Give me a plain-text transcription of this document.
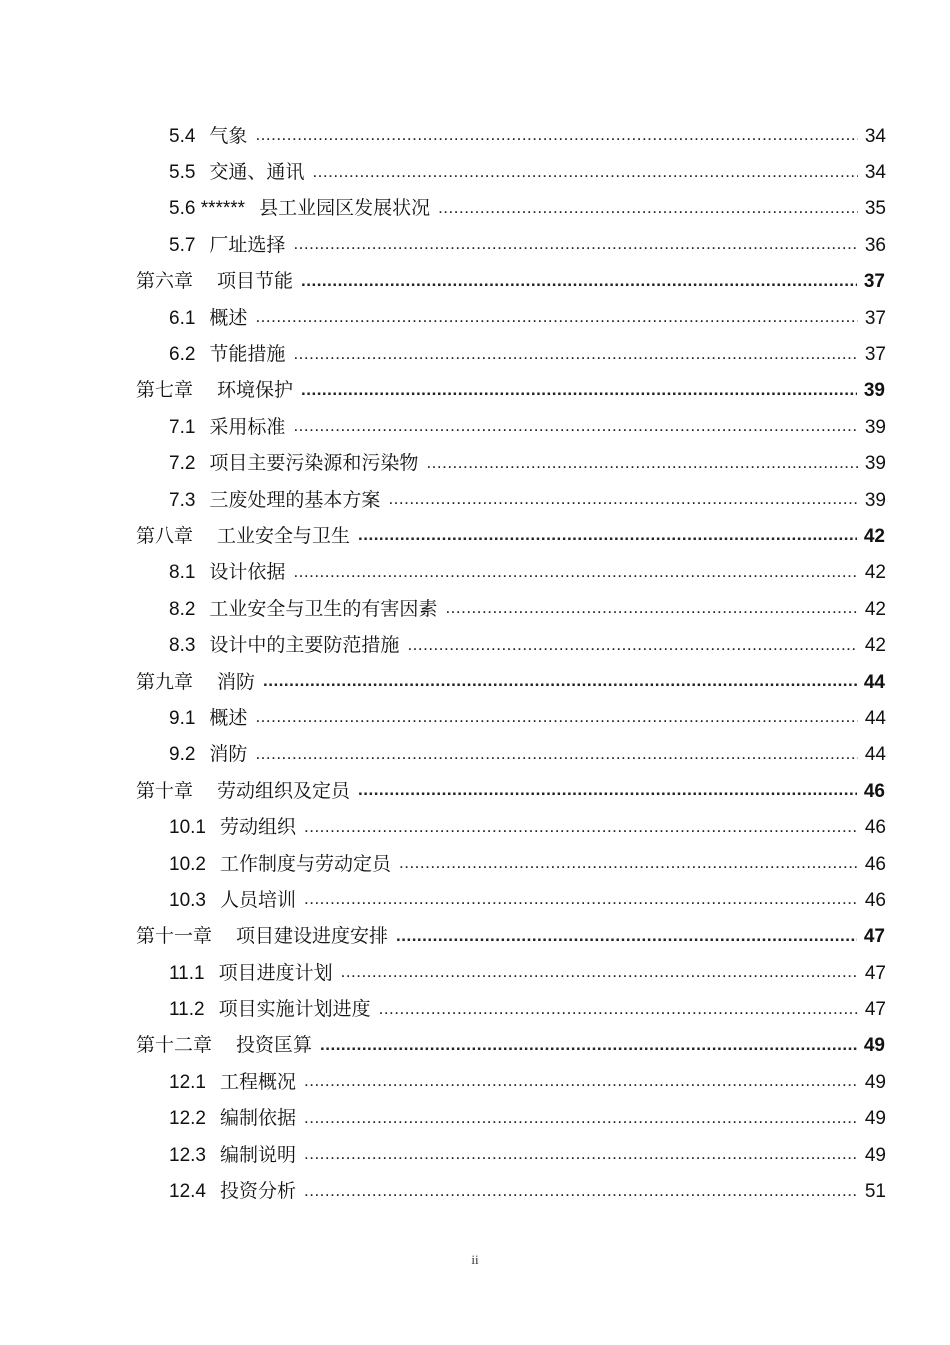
5.4 气象 .....	34
5.5 交通、通讯 .....	34
5.6 ****** 县工业园区发展状况 .....	35
5.7 厂址选择 .....	36
第六章 项目节能 .....	37
6.1 概述 .....	37
6.2 节能措施 .....	37
第七章 环境保护 .....	39
7.1 采用标准 .....	39
7.2 项目主要污染源和污染物 .....	39
7.3 三废处理的基本方案 .....	39
第八章 工业安全与卫生 .....	42
8.1 设计依据 .....	42
8.2 工业安全与卫生的有害因素 .....	42
8.3 设计中的主要防范措施 .....	42
第九章 消防 .....	44
9.1 概述 .....	44
9.2 消防 .....	44
第十章 劳动组织及定员 .....	46
10.1 劳动组织 .....	46
10.2 工作制度与劳动定员 .....	46
10.3 人员培训 .....	46
第十一章 项目建设进度安排 .....	47
11.1 项目进度计划 .....	47
11.2 项目实施计划进度 .....	47
第十二章 投资匡算 .....	49
12.1 工程概况 .....	49
12.2 编制依据 .....	49
12.3 编制说明 .....	49
12.4 投资分析 .....	51
ii
